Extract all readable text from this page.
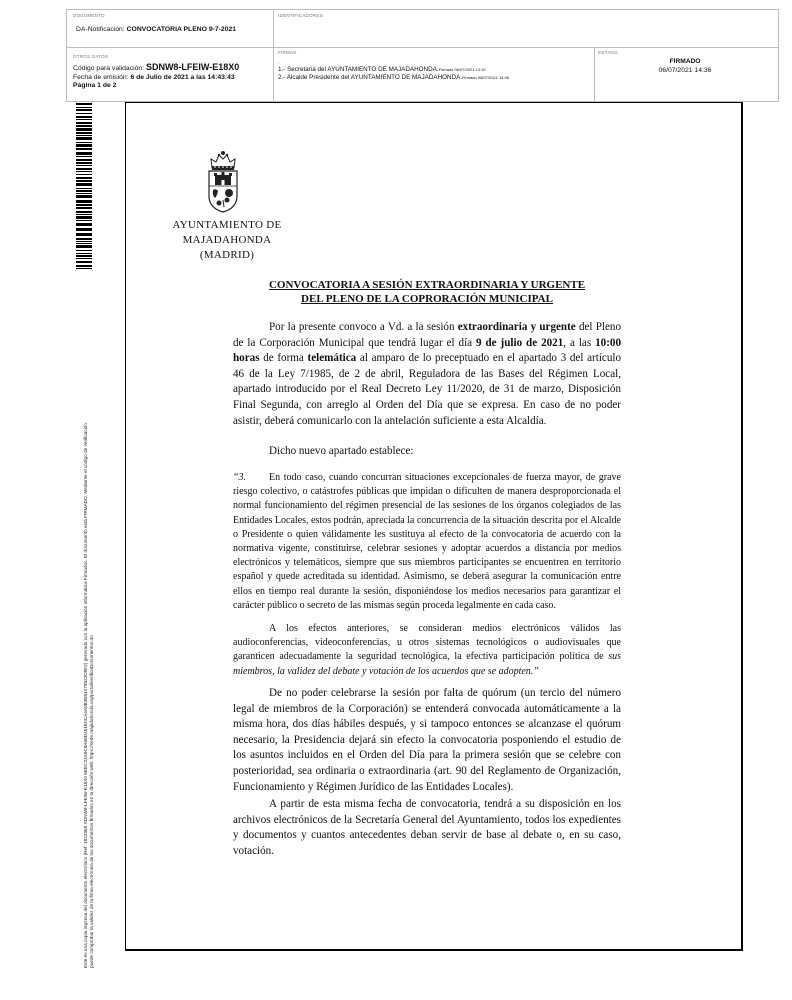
DOCUMENTO
DA-Notificación: CONVOCATORIA PLENO 9-7-2021
IDENTIFICADORES
OTROS DATOS
Código para validación: SDNW8-LFEIW-E18X0
Fecha de emisión: 6 de Julio de 2021 a las 14:43:43
Página 1 de 2
FIRMAS
:
1.- Secretaria del AYUNTAMIENTO DE MAJADAHONDA.Firmado 06/07/2021 14:10
2.- Alcalde Presidente del AYUNTAMIENTO DE MAJADAHONDA.Firmado 06/07/2021 14:36
ESTADO
FIRMADO
06/07/2021 14:36
Este es una copia impresa del documento electrónico (Ref: 1822955 SDNW8-LFEIW-E18X0 6EEC24A9C8A58D451E0CA4A0B3E81079822D8F2) generado con la aplicación informática Firmadoc. El documento está FIRMADO. Mediante el código de verificación puede comprobar la validez de la firma electrónica de los documentos firmados en la dirección web: https://sede.majadahonda.org/portal/verificaDocumentos.do
AYUNTAMIENTO DE
MAJADAHONDA
(MADRID)
CONVOCATORIA A SESIÓN EXTRAORDINARIA Y URGENTE
DEL PLENO DE LA COPRORACIÓN MUNICIPAL

Por la presente convoco a Vd. a la sesión extraordinaria y urgente del Pleno de la Corporación Municipal que tendrá lugar el día 9 de julio de 2021, a las 10:00 horas de forma telemática al amparo de lo preceptuado en el apartado 3 del artículo 46 de la Ley 7/1985, de 2 de abril, Reguladora de las Bases del Régimen Local, apartado introducido por el Real Decreto Ley 11/2020, de 31 de marzo, Disposición Final Segunda, con arreglo al Orden del Día que se expresa. En caso de no poder asistir, deberá comunicarlo con la antelación suficiente a esta Alcaldía.

Dicho nuevo apartado establece:

“3. En todo caso, cuando concurran situaciones excepcionales de fuerza mayor, de grave riesgo colectivo, o catástrofes públicas que impidan o dificulten de manera desproporcionada el normal funcionamiento del régimen presencial de las sesiones de los órganos colegiados de las Entidades Locales, estos podrán, apreciada la concurrencia de la situación descrita por el Alcalde o Presidente o quien válidamente les sustituya al efecto de la convocatoria de acuerdo con la normativa vigente, constituirse, celebrar sesiones y adoptar acuerdos a distancia por medios electrónicos y telemáticos, siempre que sus miembros participantes se encuentren en territorio español y quede acreditada su identidad. Asimismo, se deberá asegurar la comunicación entre ellos en tiempo real durante la sesión, disponiéndose los medios necesarios para garantizar el carácter público o secreto de las mismas según proceda legalmente en cada caso.

A los efectos anteriores, se consideran medios electrónicos válidos las audioconferencias, videoconferencias, u otros sistemas tecnológicos o audiovisuales que garanticen adecuadamente la seguridad tecnológica, la efectiva participación política de sus miembros, la validez del debate y votación de los acuerdos que se adopten.”

De no poder celebrarse la sesión por falta de quórum (un tercio del número legal de miembros de la Corporación) se entenderá convocada automáticamente a la misma hora, dos días hábiles después, y si tampoco entonces se alcanzase el quórum necesario, la Presidencia dejará sin efecto la convocatoria posponiendo el estudio de los asuntos incluidos en el Orden del Día para la primera sesión que se celebre con posterioridad, sea ordinaria o extraordinaria (art. 90 del Reglamento de Organización, Funcionamiento y Régimen Jurídico de las Entidades Locales).

A partir de esta misma fecha de convocatoria, tendrá a su disposición en los archivos electrónicos de la Secretaría General del Ayuntamiento, todos los expedientes y documentos y cuantos antecedentes deban servir de base al debate o, en su caso, votación.
